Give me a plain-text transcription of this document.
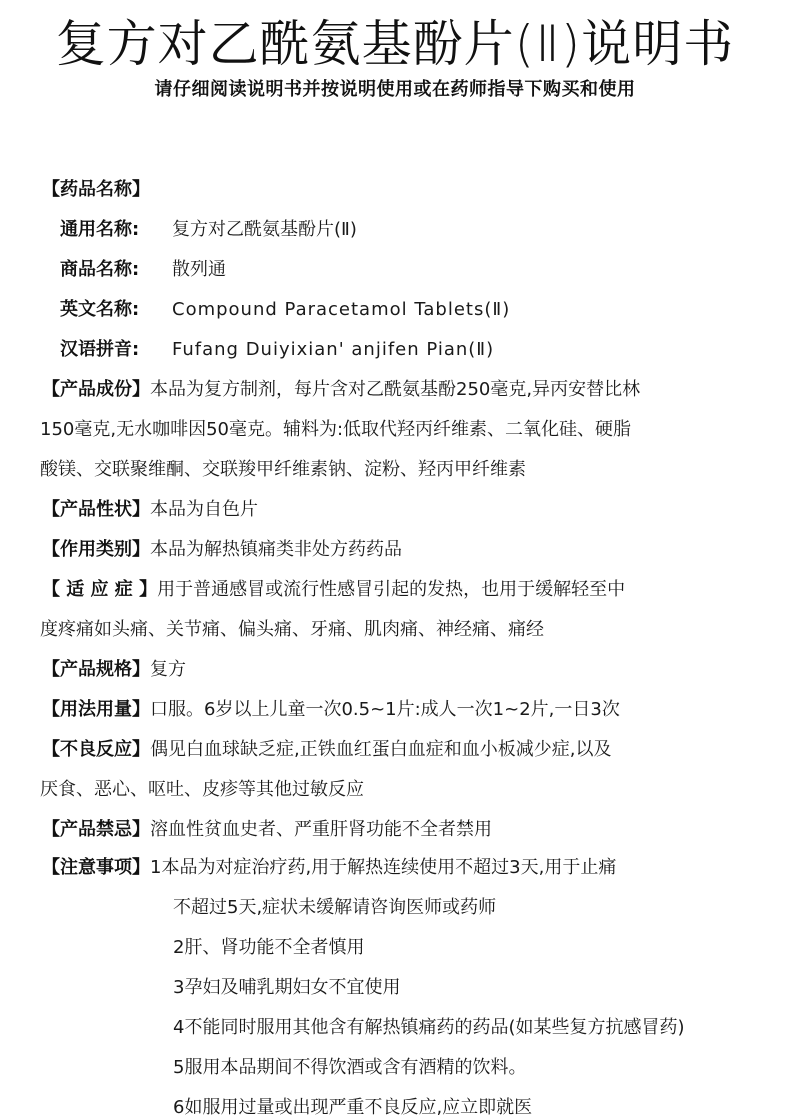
复方对乙酰氨基酚片(Ⅱ)说明书
请仔细阅读说明书并按说明使用或在药师指导下购买和使用
【药品名称】
通用名称: 复方对乙酰氨基酚片(Ⅱ)
商品名称: 散列通
英文名称: Compound Paracetamol Tablets(Ⅱ)
汉语拼音: Fufang Duiyixian' anjifen Pian(Ⅱ)
【产品成份】本品为复方制剂，每片含对乙酰氨基酚250毫克,异丙安替比林
150毫克,无水咖啡因50毫克。辅料为:低取代羟丙纤维素、二氧化硅、硬脂
酸镁、交联聚维酮、交联羧甲纤维素钠、淀粉、羟丙甲纤维素
【产品性状】本品为自色片
【作用类别】本品为解热镇痛类非处方药药品
【 适 应 症 】用于普通感冒或流行性感冒引起的发热，也用于缓解轻至中
度疼痛如头痛、关节痛、偏头痛、牙痛、肌肉痛、神经痛、痛经
【产品规格】复方
【用法用量】口服。6岁以上儿童一次0.5~1片:成人一次1~2片,一日3次
【不良反应】偶见白血球缺乏症,正铁血红蛋白血症和血小板减少症,以及
厌食、恶心、呕吐、皮疹等其他过敏反应
【产品禁忌】溶血性贫血史者、严重肝肾功能不全者禁用
【注意事项】1本品为对症治疗药,用于解热连续使用不超过3天,用于止痛
不超过5天,症状未缓解请咨询医师或药师
2肝、肾功能不全者慎用
3孕妇及哺乳期妇女不宜使用
4不能同时服用其他含有解热镇痛药的药品(如某些复方抗感冒药)
5服用本品期间不得饮酒或含有酒精的饮料。
6如服用过量或出现严重不良反应,应立即就医
